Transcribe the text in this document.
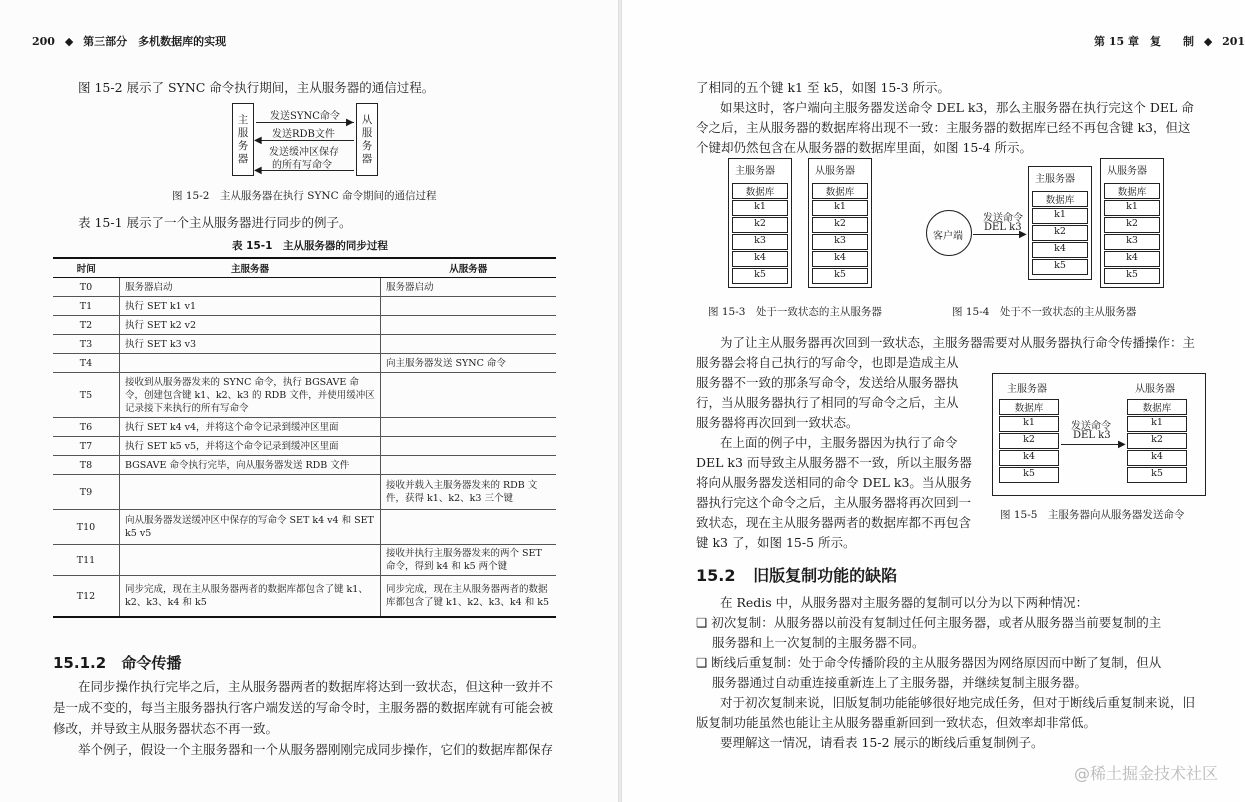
200 ◆ 第三部分　多机数据库的实现
图 15-2 展示了 SYNC 命令执行期间，主从服务器的通信过程。
主服务器
从服务器
发送SYNC命令
▶
发送RDB文件
◀
发送缓冲区保存
的所有写命令
◀
图 15-2　主从服务器在执行 SYNC 命令期间的通信过程
表 15-1 展示了一个主从服务器进行同步的例子。
表 15-1　主从服务器的同步过程
时间	主服务器	从服务器
T0	服务器启动	服务器启动
T1	执行 SET k1 v1	
T2	执行 SET k2 v2	
T3	执行 SET k3 v3	
T4		向主服务器发送 SYNC 命令
T5	接收到从服务器发来的 SYNC 命令，执行 BGSAVE 命令，创建包含键 k1、k2、k3 的 RDB 文件，并使用缓冲区记录接下来执行的所有写命令	
T6	执行 SET k4 v4，并将这个命令记录到缓冲区里面	
T7	执行 SET k5 v5，并将这个命令记录到缓冲区里面	
T8	BGSAVE 命令执行完毕，向从服务器发送 RDB 文件	
T9		接收并载入主服务器发来的 RDB 文件，获得 k1、k2、k3 三个键
T10	向从服务器发送缓冲区中保存的写命令 SET k4 v4 和 SET k5 v5	
T11		接收并执行主服务器发来的两个 SET 命令，得到 k4 和 k5 两个键
T12	同步完成，现在主从服务器两者的数据库都包含了键 k1、k2、k3、k4 和 k5	同步完成，现在主从服务器两者的数据库都包含了键 k1、k2、k3、k4 和 k5
15.1.2 命令传播
在同步操作执行完毕之后，主从服务器两者的数据库将达到一致状态，但这种一致并不
是一成不变的，每当主服务器执行客户端发送的写命令时，主服务器的数据库就有可能会被
修改，并导致主从服务器状态不再一致。
举个例子，假设一个主服务器和一个从服务器刚刚完成同步操作，它们的数据库都保存
第 15 章　复　　制 ◆ 201
了相同的五个键 k1 至 k5，如图 15-3 所示。
如果这时，客户端向主服务器发送命令 DEL k3，那么主服务器在执行完这个 DEL 命
令之后，主从服务器的数据库将出现不一致：主服务器的数据库已经不再包含键 k3，但这
个键却仍然包含在从服务器的数据库里面，如图 15-4 所示。
主服务器
数据库
k1
k2
k3
k4
k5
从服务器
数据库
k1
k2
k3
k4
k5
图 15-3　处于一致状态的主从服务器
客户端
发送命令
DEL k3
▶
主服务器
数据库
k1
k2
k4
k5
从服务器
数据库
k1
k2
k3
k4
k5
图 15-4　处于不一致状态的主从服务器
为了让主从服务器再次回到一致状态，主服务器需要对从服务器执行命令传播操作：主
服务器会将自己执行的写命令，也即是造成主从
服务器不一致的那条写命令，发送给从服务器执
行，当从服务器执行了相同的写命令之后，主从
服务器将再次回到一致状态。
在上面的例子中，主服务器因为执行了命令
DEL k3 而导致主从服务器不一致，所以主服务器
将向从服务器发送相同的命令 DEL k3。当从服务
器执行完这个命令之后，主从服务器将再次回到一
致状态，现在主从服务器两者的数据库都不再包含
键 k3 了，如图 15-5 所示。
主服务器	从服务器
数据库	数据库
k1
k2
k4
k5
k1
k2
k4
k5
发送命令
DEL k3
▶
图 15-5　主服务器向从服务器发送命令
15.2 旧版复制功能的缺陷
在 Redis 中，从服务器对主服务器的复制可以分为以下两种情况：
❑ 初次复制：从服务器以前没有复制过任何主服务器，或者从服务器当前要复制的主
服务器和上一次复制的主服务器不同。
❑ 断线后重复制：处于命令传播阶段的主从服务器因为网络原因而中断了复制，但从
服务器通过自动重连接重新连上了主服务器，并继续复制主服务器。
对于初次复制来说，旧版复制功能能够很好地完成任务，但对于断线后重复制来说，旧
版复制功能虽然也能让主从服务器重新回到一致状态，但效率却非常低。
要理解这一情况，请看表 15-2 展示的断线后重复制例子。
@稀土掘金技术社区
